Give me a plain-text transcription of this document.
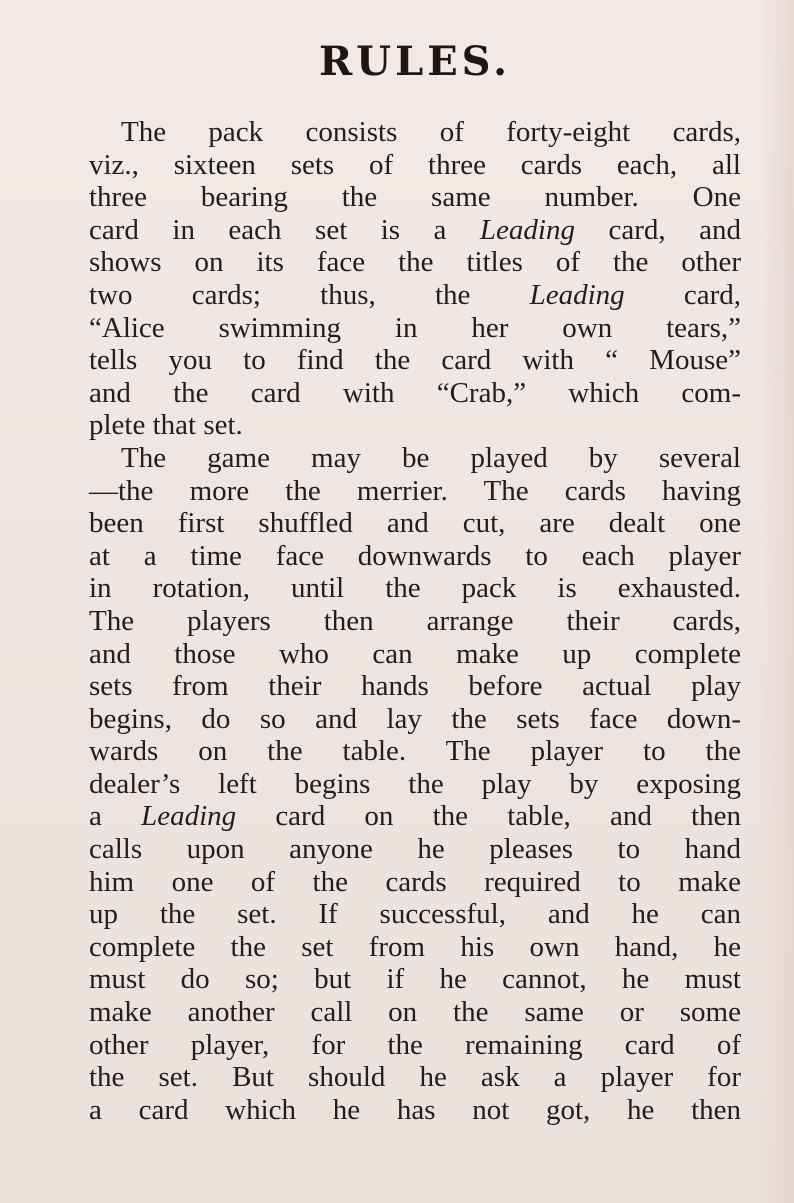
RULES.
The pack consists of forty-eight cards,
viz., sixteen sets of three cards each, all
three bearing the same number. One
card in each set is a Leading card, and
shows on its face the titles of the other
two cards; thus, the Leading card,
“Alice swimming in her own tears,”
tells you to find the card with “ Mouse”
and the card with “Crab,” which com-
plete that set.
The game may be played by several
—the more the merrier. The cards having
been first shuffled and cut, are dealt one
at a time face downwards to each player
in rotation, until the pack is exhausted.
The players then arrange their cards,
and those who can make up complete
sets from their hands before actual play
begins, do so and lay the sets face down-
wards on the table. The player to the
dealer’s left begins the play by exposing
a Leading card on the table, and then
calls upon anyone he pleases to hand
him one of the cards required to make
up the set. If successful, and he can
complete the set from his own hand, he
must do so; but if he cannot, he must
make another call on the same or some
other player, for the remaining card of
the set. But should he ask a player for
a card which he has not got, he then
